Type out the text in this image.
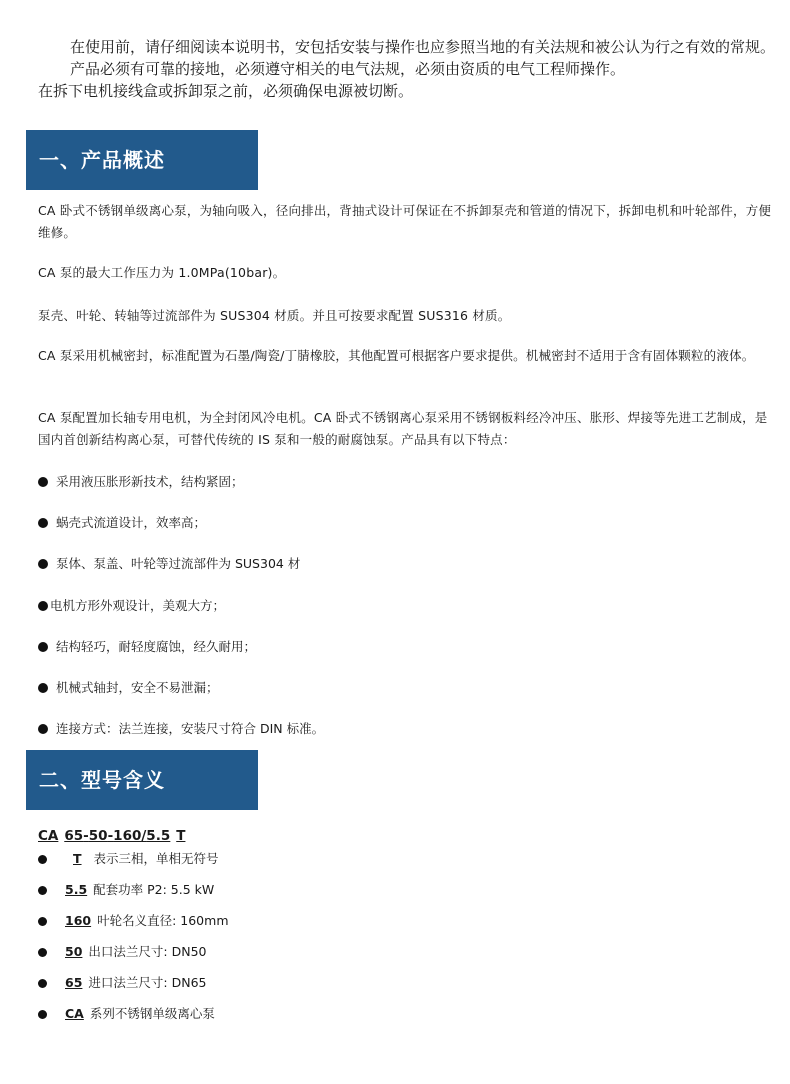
在使用前，请仔细阅读本说明书，安包括安装与操作也应参照当地的有关法规和被公认为行之有效的常规。

产品必须有可靠的接地，必须遵守相关的电气法规，必须由资质的电气工程师操作。

在拆下电机接线盒或拆卸泵之前，必须确保电源被切断。

一、产品概述

CA 卧式不锈钢单级离心泵，为轴向吸入，径向排出，背抽式设计可保证在不拆卸泵壳和管道的情况下，拆卸电机和叶轮部件，方便维修。

CA 泵的最大工作压力为 1.0MPa(10bar)。

泵壳、叶轮、转轴等过流部件为 SUS304 材质。并且可按要求配置 SUS316 材质。

CA 泵采用机械密封，标准配置为石墨/陶瓷/丁腈橡胶，其他配置可根据客户要求提供。机械密封不适用于含有固体颗粒的液体。

CA 泵配置加长轴专用电机，为全封闭风冷电机。CA 卧式不锈钢离心泵采用不锈钢板料经冷冲压、胀形、焊接等先进工艺制成，是国内首创新结构离心泵，可替代传统的 IS 泵和一般的耐腐蚀泵。产品具有以下特点：

采用液压胀形新技术，结构紧固；
蜗壳式流道设计，效率高；
泵体、泵盖、叶轮等过流部件为 SUS304 材
电机方形外观设计，美观大方；
结构轻巧，耐轻度腐蚀，经久耐用；
机械式轴封，安全不易泄漏；
连接方式：法兰连接，安装尺寸符合 DIN 标准。
二、型号含义
CA 65-50-160/5.5 T
T 表示三相，单相无符号
5.5 配套功率 P2: 5.5 kW
160 叶轮名义直径: 160mm
50 出口法兰尺寸: DN50
65 进口法兰尺寸: DN65
CA 系列不锈钢单级离心泵
